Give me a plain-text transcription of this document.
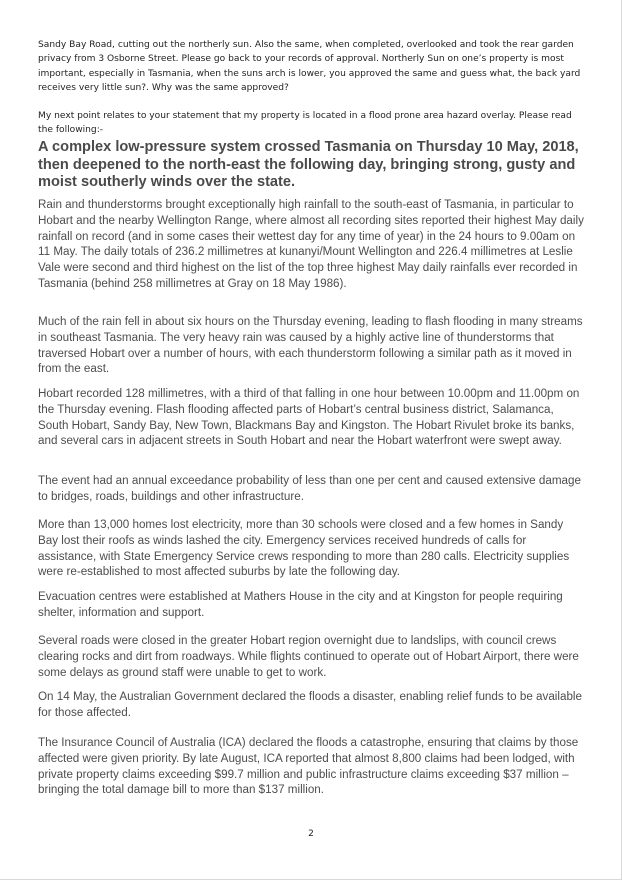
Sandy Bay Road, cutting out the northerly sun. Also the same, when completed, overlooked and took the rear garden privacy from 3 Osborne Street. Please go back to your records of approval. Northerly Sun on one’s property is most important, especially in Tasmania, when the suns arch is lower, you approved the same and guess what, the back yard receives very little sun?. Why was the same approved?

My next point relates to your statement that my property is located in a flood prone area hazard overlay. Please read the following:-

A complex low-pressure system crossed Tasmania on Thursday 10 May, 2018, then deepened to the north-east the following day, bringing strong, gusty and moist southerly winds over the state.

Rain and thunderstorms brought exceptionally high rainfall to the south-east of Tasmania, in particular to Hobart and the nearby Wellington Range, where almost all recording sites reported their highest May daily rainfall on record (and in some cases their wettest day for any time of year) in the 24 hours to 9.00am on 11 May. The daily totals of 236.2 millimetres at kunanyi/Mount Wellington and 226.4 millimetres at Leslie Vale were second and third highest on the list of the top three highest May daily rainfalls ever recorded in Tasmania (behind 258 millimetres at Gray on 18 May 1986).

Much of the rain fell in about six hours on the Thursday evening, leading to flash flooding in many streams in southeast Tasmania. The very heavy rain was caused by a highly active line of thunderstorms that traversed Hobart over a number of hours, with each thunderstorm following a similar path as it moved in from the east.

Hobart recorded 128 millimetres, with a third of that falling in one hour between 10.00pm and 11.00pm on the Thursday evening. Flash flooding affected parts of Hobart’s central business district, Salamanca, South Hobart, Sandy Bay, New Town, Blackmans Bay and Kingston. The Hobart Rivulet broke its banks, and several cars in adjacent streets in South Hobart and near the Hobart waterfront were swept away.

The event had an annual exceedance probability of less than one per cent and caused extensive damage to bridges, roads, buildings and other infrastructure.

More than 13,000 homes lost electricity, more than 30 schools were closed and a few homes in Sandy Bay lost their roofs as winds lashed the city. Emergency services received hundreds of calls for assistance, with State Emergency Service crews responding to more than 280 calls. Electricity supplies were re-established to most affected suburbs by late the following day.

Evacuation centres were established at Mathers House in the city and at Kingston for people requiring shelter, information and support.

Several roads were closed in the greater Hobart region overnight due to landslips, with council crews clearing rocks and dirt from roadways. While flights continued to operate out of Hobart Airport, there were some delays as ground staff were unable to get to work.

On 14 May, the Australian Government declared the floods a disaster, enabling relief funds to be available for those affected.

The Insurance Council of Australia (ICA) declared the floods a catastrophe, ensuring that claims by those affected were given priority. By late August, ICA reported that almost 8,800 claims had been lodged, with private property claims exceeding $99.7 million and public infrastructure claims exceeding $37 million – bringing the total damage bill to more than $137 million.

2
